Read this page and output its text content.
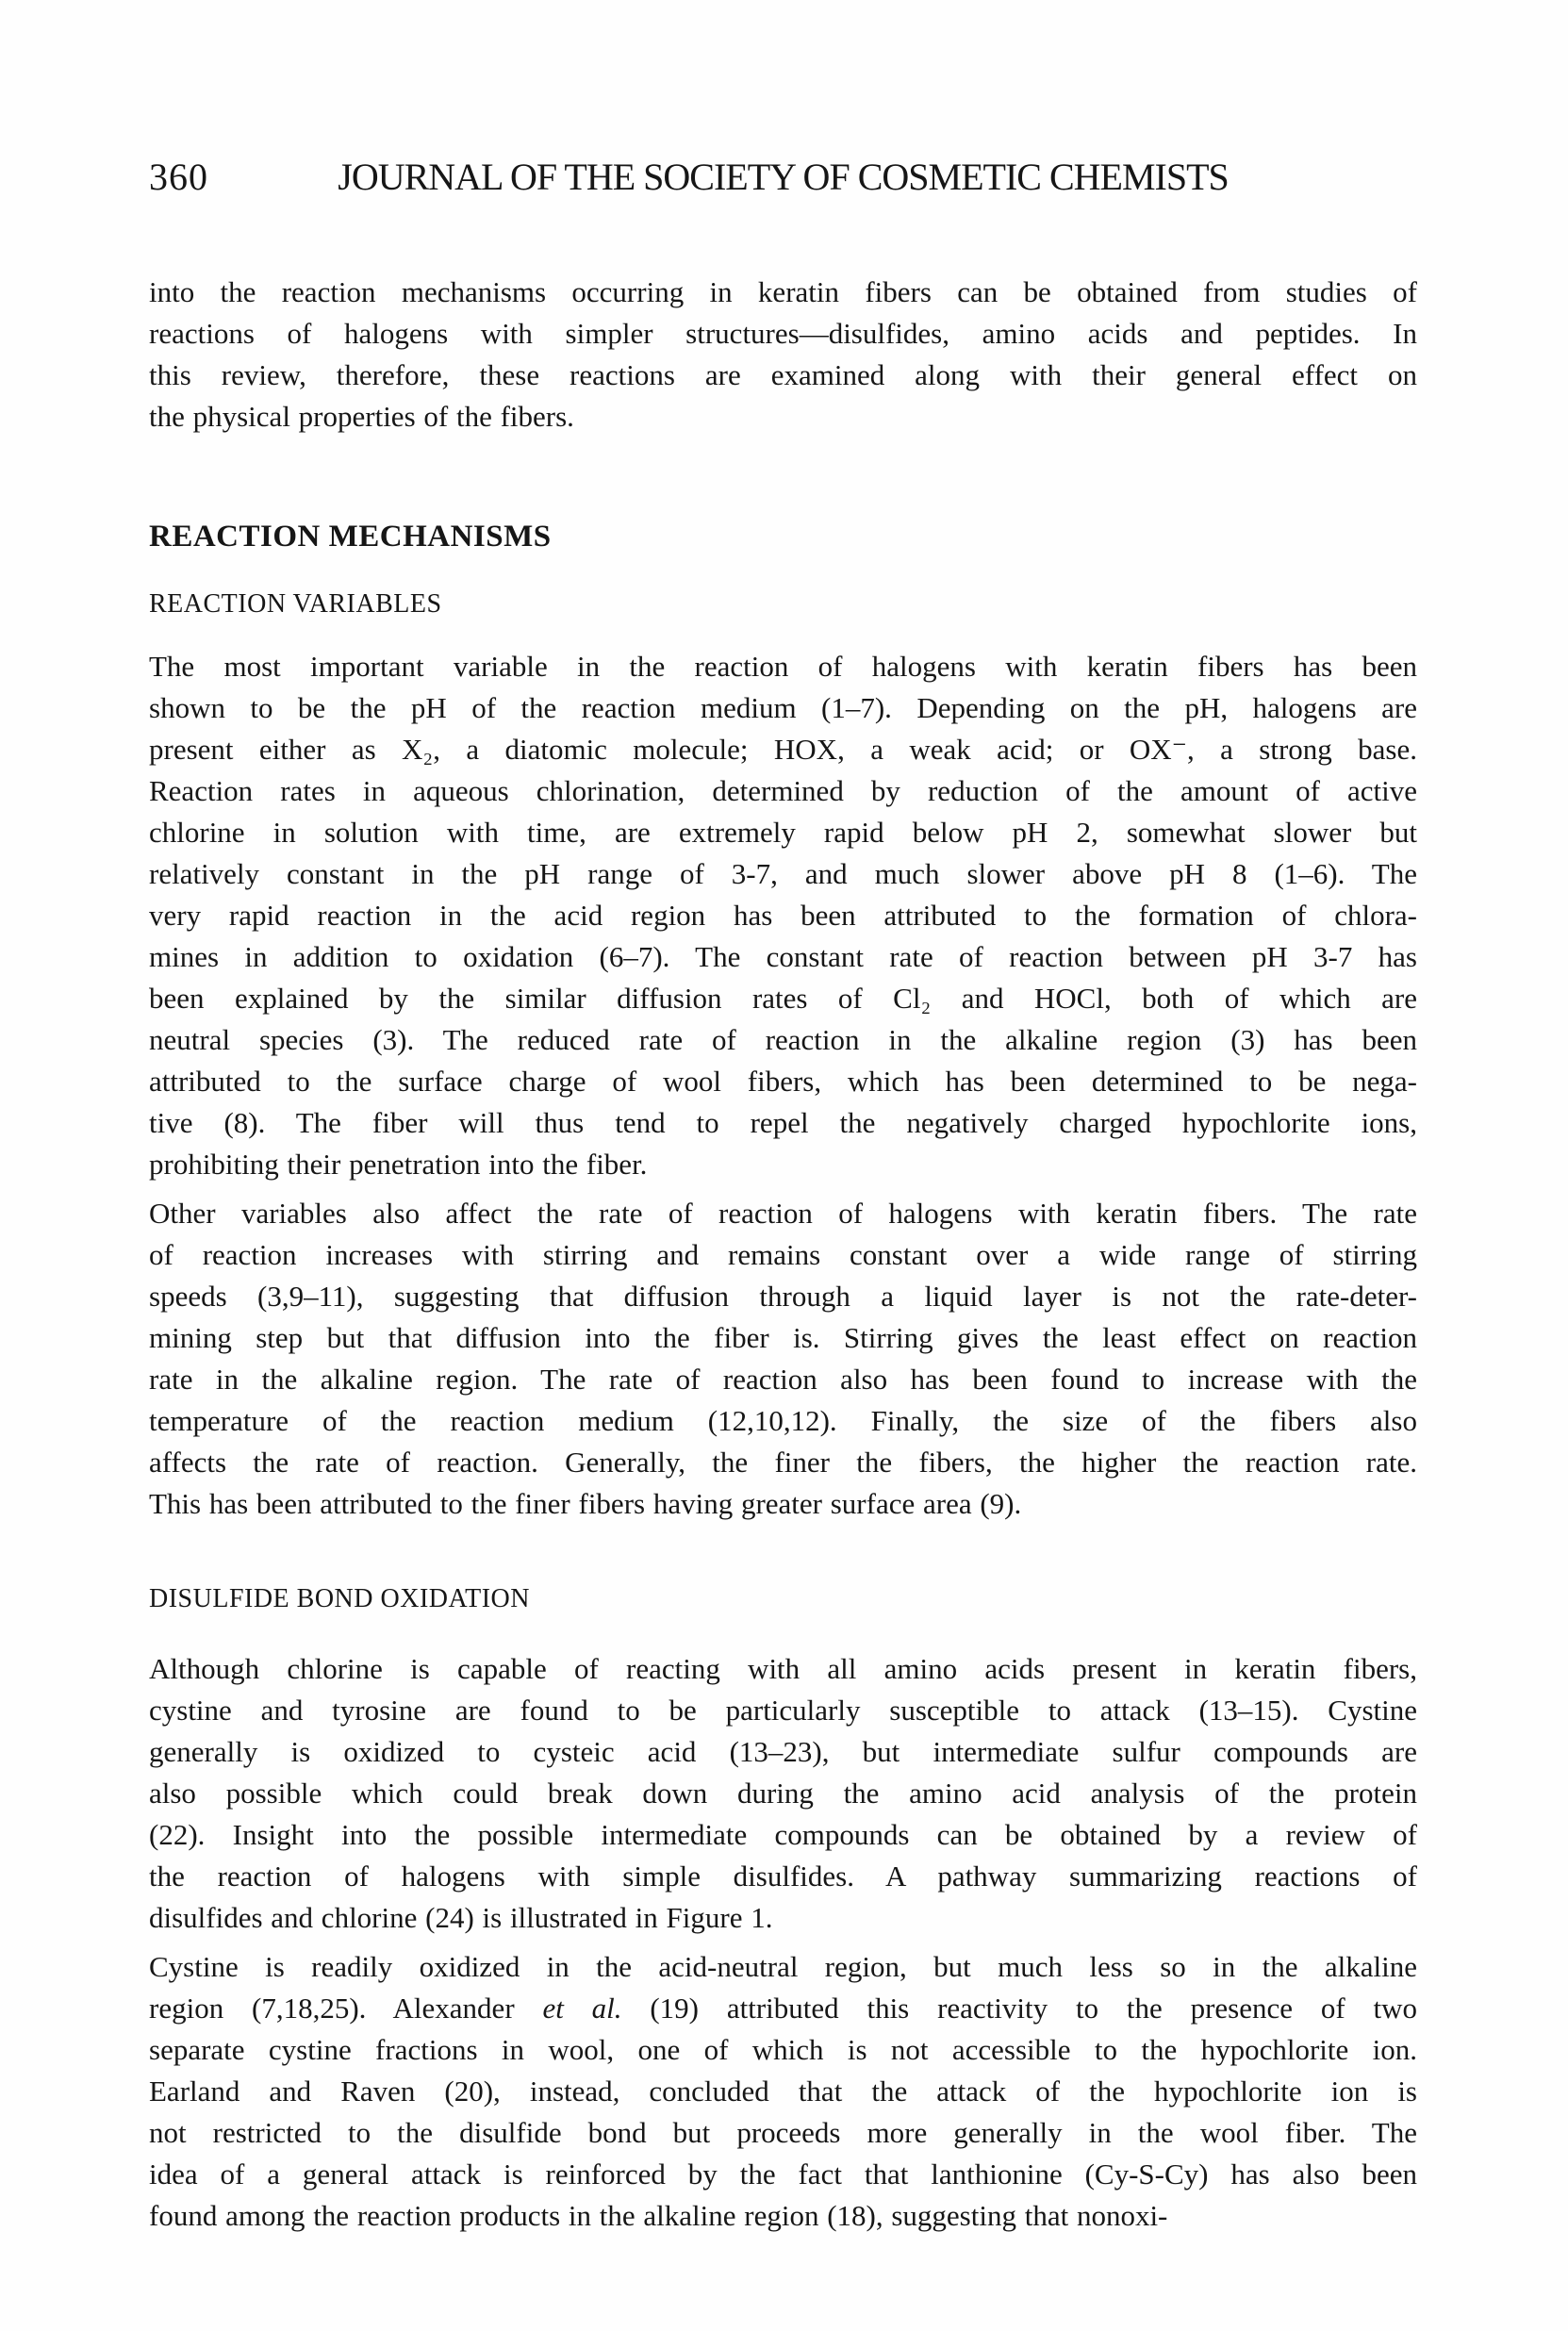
360	JOURNAL OF THE SOCIETY OF COSMETIC CHEMISTS
into the reaction mechanisms occurring in keratin fibers can be obtained from studies of
reactions of halogens with simpler structures—disulfides, amino acids and peptides. In
this review, therefore, these reactions are examined along with their general effect on
the physical properties of the fibers.
REACTION MECHANISMS
REACTION VARIABLES
The most important variable in the reaction of halogens with keratin fibers has been
shown to be the pH of the reaction medium (1–7). Depending on the pH, halogens are
present either as X₂, a diatomic molecule; HOX, a weak acid; or OX⁻, a strong base.
Reaction rates in aqueous chlorination, determined by reduction of the amount of active
chlorine in solution with time, are extremely rapid below pH 2, somewhat slower but
relatively constant in the pH range of 3-7, and much slower above pH 8 (1–6). The
very rapid reaction in the acid region has been attributed to the formation of chlora-
mines in addition to oxidation (6–7). The constant rate of reaction between pH 3-7 has
been explained by the similar diffusion rates of Cl₂ and HOCl, both of which are
neutral species (3). The reduced rate of reaction in the alkaline region (3) has been
attributed to the surface charge of wool fibers, which has been determined to be nega-
tive (8). The fiber will thus tend to repel the negatively charged hypochlorite ions,
prohibiting their penetration into the fiber.
Other variables also affect the rate of reaction of halogens with keratin fibers. The rate
of reaction increases with stirring and remains constant over a wide range of stirring
speeds (3,9–11), suggesting that diffusion through a liquid layer is not the rate-deter-
mining step but that diffusion into the fiber is. Stirring gives the least effect on reaction
rate in the alkaline region. The rate of reaction also has been found to increase with the
temperature of the reaction medium (12,10,12). Finally, the size of the fibers also
affects the rate of reaction. Generally, the finer the fibers, the higher the reaction rate.
This has been attributed to the finer fibers having greater surface area (9).
DISULFIDE BOND OXIDATION
Although chlorine is capable of reacting with all amino acids present in keratin fibers,
cystine and tyrosine are found to be particularly susceptible to attack (13–15). Cystine
generally is oxidized to cysteic acid (13–23), but intermediate sulfur compounds are
also possible which could break down during the amino acid analysis of the protein
(22). Insight into the possible intermediate compounds can be obtained by a review of
the reaction of halogens with simple disulfides. A pathway summarizing reactions of
disulfides and chlorine (24) is illustrated in Figure 1.
Cystine is readily oxidized in the acid-neutral region, but much less so in the alkaline
region (7,18,25). Alexander et al. (19) attributed this reactivity to the presence of two
separate cystine fractions in wool, one of which is not accessible to the hypochlorite ion.
Earland and Raven (20), instead, concluded that the attack of the hypochlorite ion is
not restricted to the disulfide bond but proceeds more generally in the wool fiber. The
idea of a general attack is reinforced by the fact that lanthionine (Cy-S-Cy) has also been
found among the reaction products in the alkaline region (18), suggesting that nonoxi-
